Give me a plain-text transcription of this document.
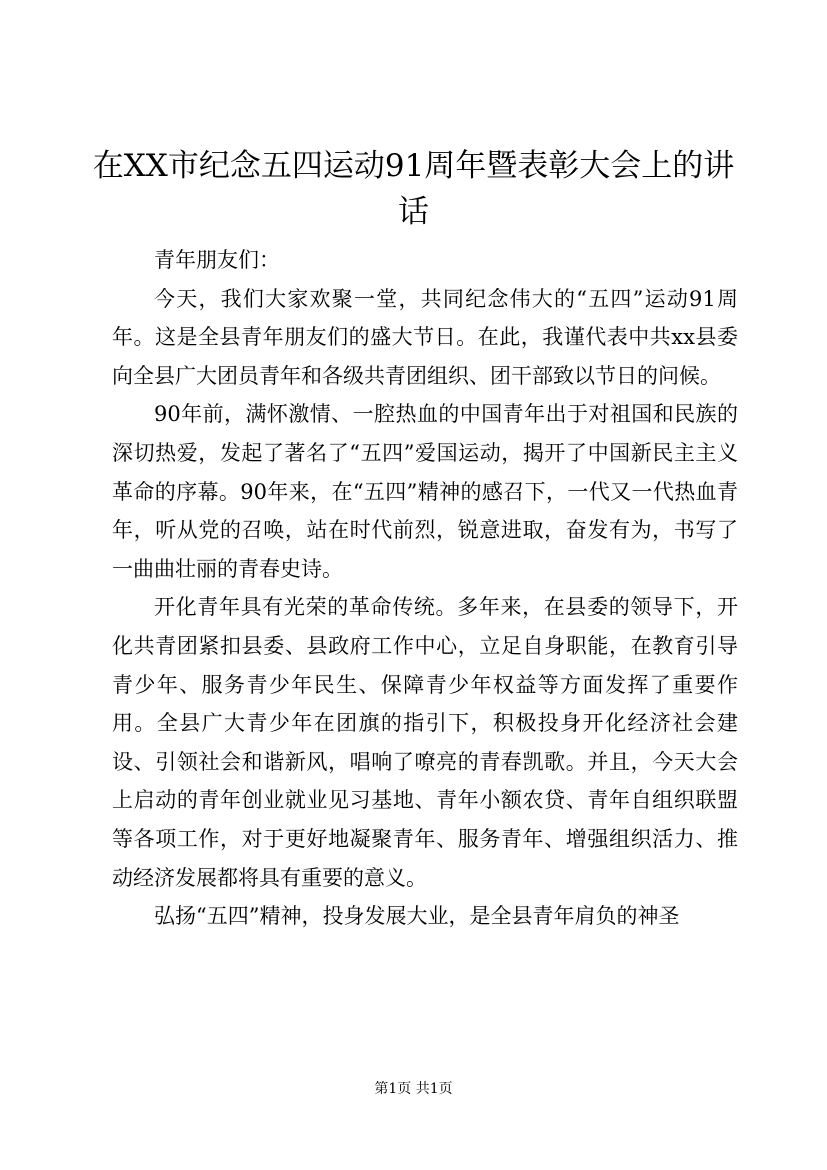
在XX市纪念五四运动91周年暨表彰大会上的讲话

青年朋友们：

今天，我们大家欢聚一堂，共同纪念伟大的“五四”运动91周年。这是全县青年朋友们的盛大节日。在此，我谨代表中共xx县委向全县广大团员青年和各级共青团组织、团干部致以节日的问候。

90年前，满怀激情、一腔热血的中国青年出于对祖国和民族的深切热爱，发起了著名了“五四”爱国运动，揭开了中国新民主主义革命的序幕。90年来，在“五四”精神的感召下，一代又一代热血青年，听从党的召唤，站在时代前烈，锐意进取，奋发有为，书写了一曲曲壮丽的青春史诗。

开化青年具有光荣的革命传统。多年来，在县委的领导下，开化共青团紧扣县委、县政府工作中心，立足自身职能，在教育引导青少年、服务青少年民生、保障青少年权益等方面发挥了重要作用。全县广大青少年在团旗的指引下，积极投身开化经济社会建设、引领社会和谐新风，唱响了嘹亮的青春凯歌。并且，今天大会上启动的青年创业就业见习基地、青年小额农贷、青年自组织联盟等各项工作，对于更好地凝聚青年、服务青年、增强组织活力、推动经济发展都将具有重要的意义。

弘扬“五四”精神，投身发展大业，是全县青年肩负的神圣

第1页 共1页
